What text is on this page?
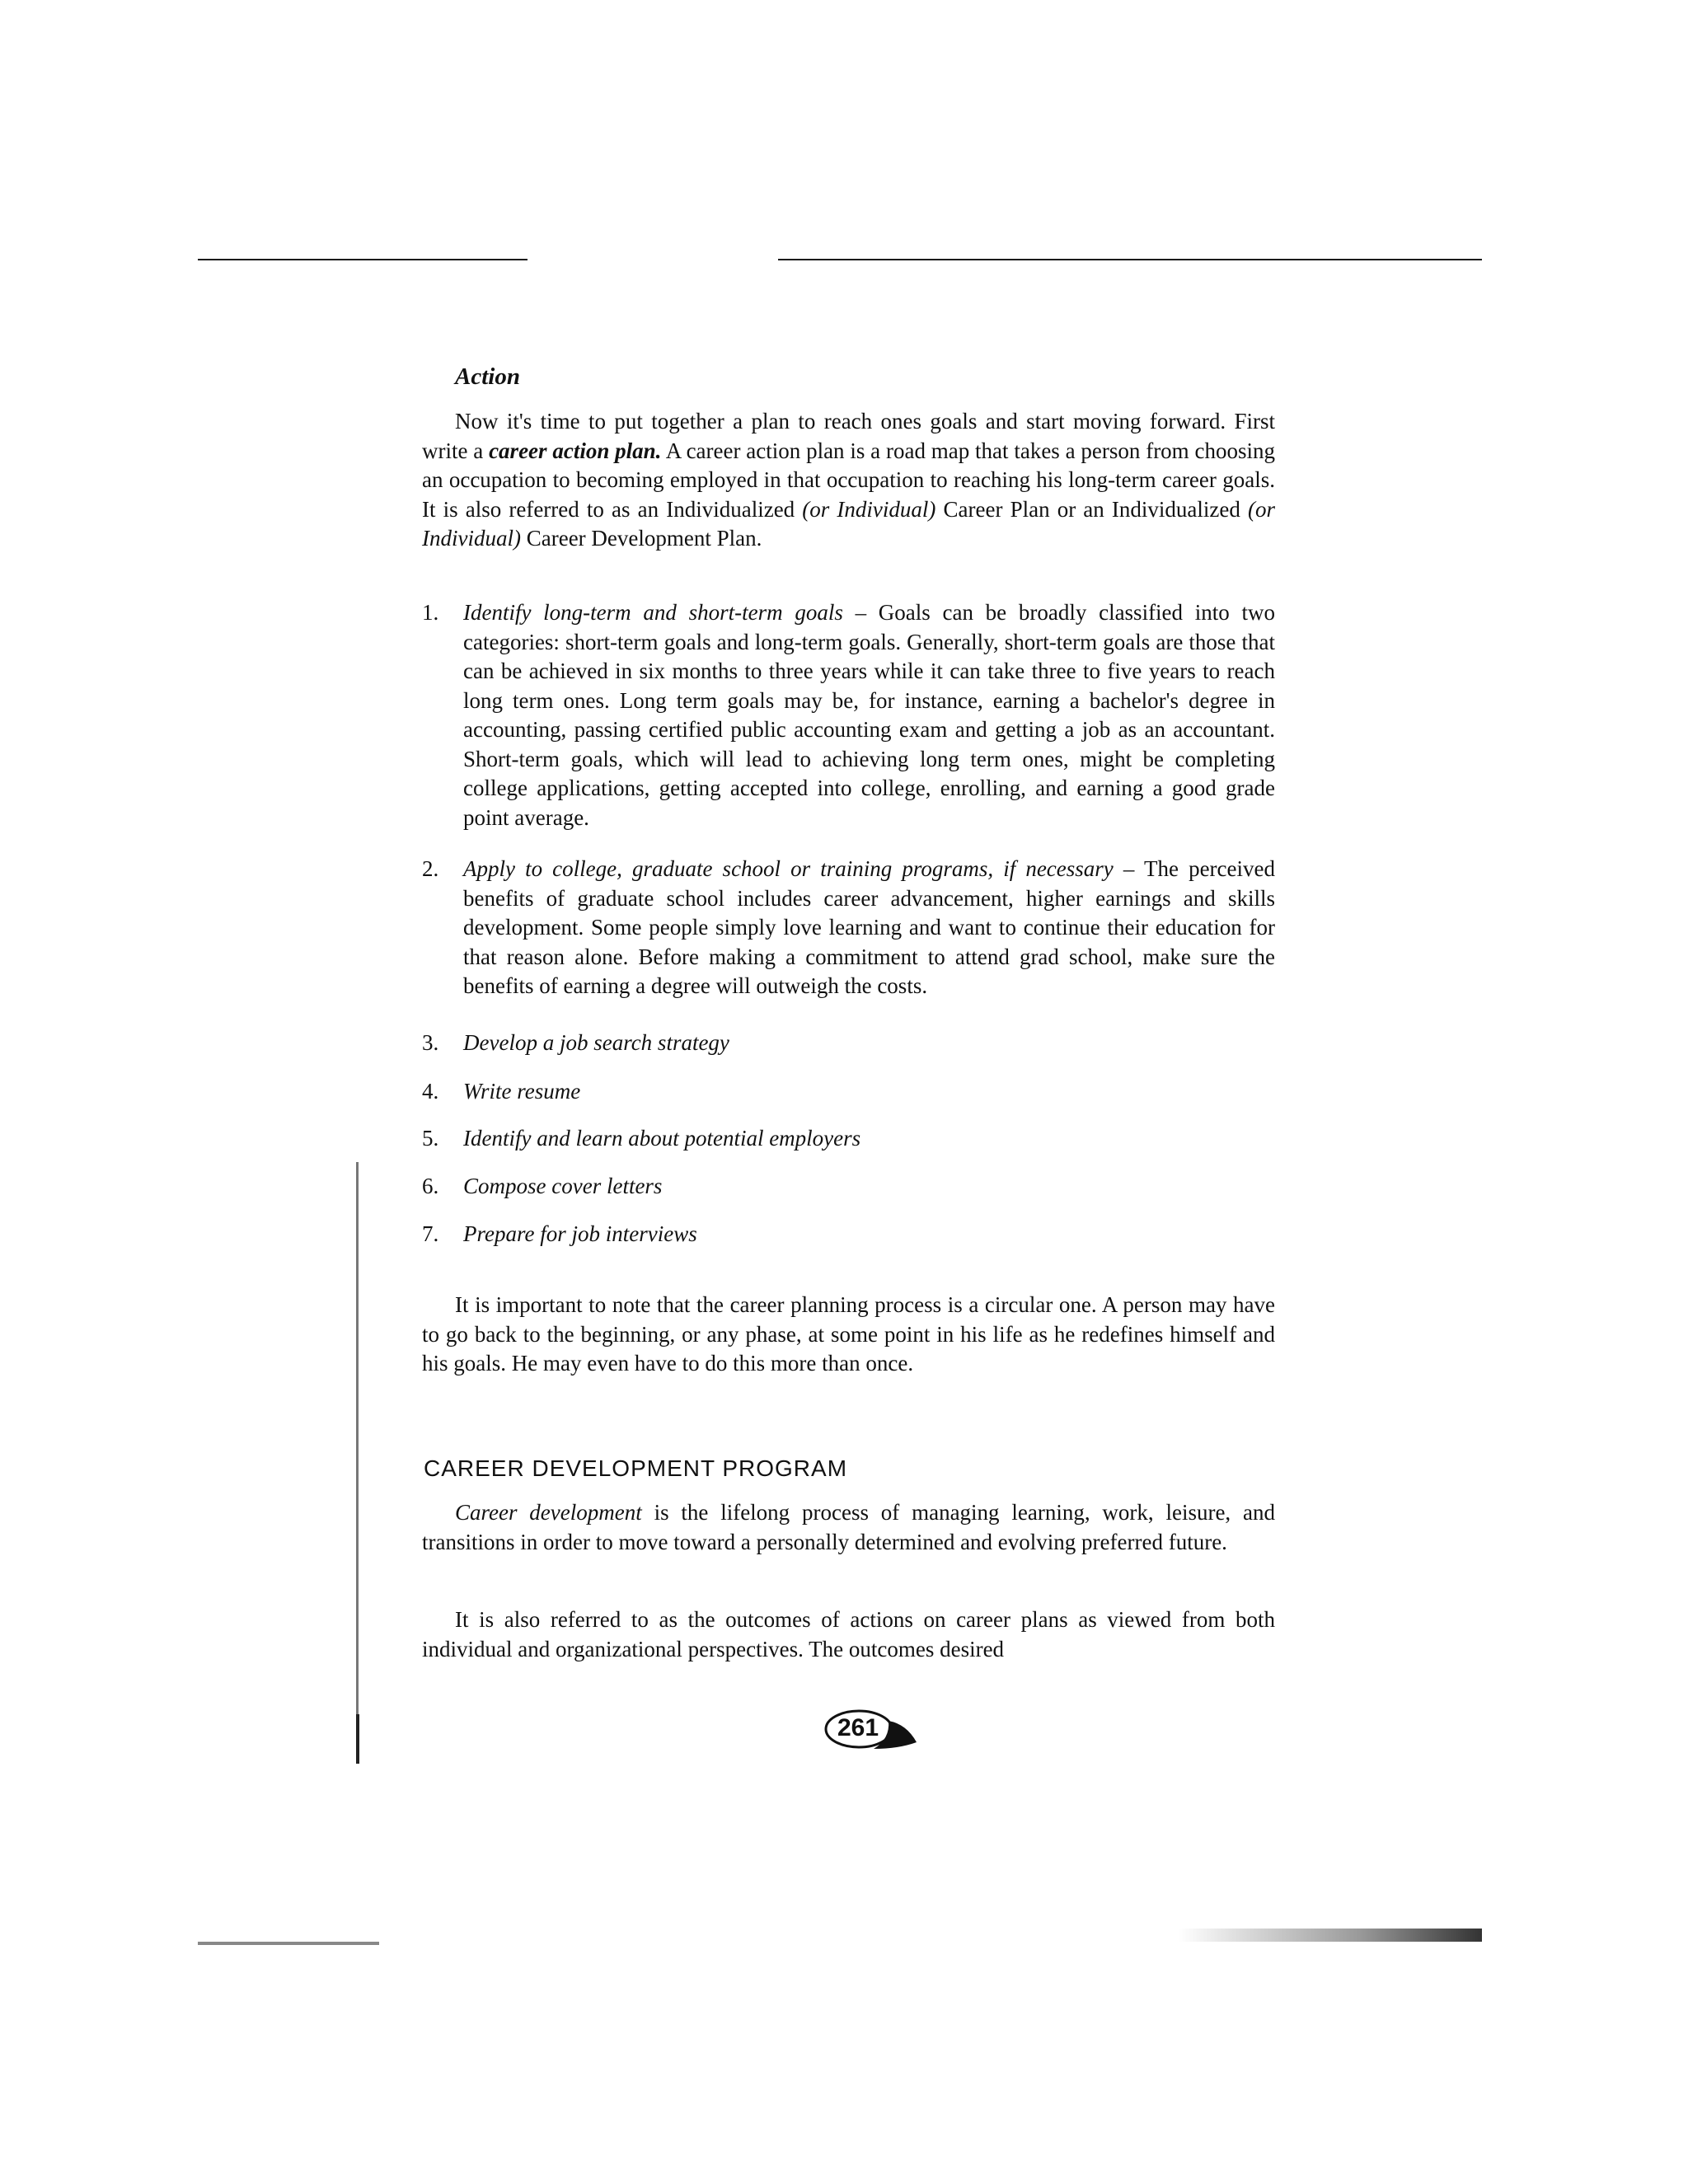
Action

Now it's time to put together a plan to reach ones goals and start moving forward. First write a career action plan. A career action plan is a road map that takes a person from choosing an occupation to becoming employed in that occupation to reaching his long-term career goals. It is also referred to as an Individualized (or Individual) Career Plan or an Individualized (or Individual) Career Development Plan.

1.	Identify long-term and short-term goals – Goals can be broadly classified into two categories: short-term goals and long-term goals. Generally, short-term goals are those that can be achieved in six months to three years while it can take three to five years to reach long term ones. Long term goals may be, for instance, earning a bachelor's degree in accounting, passing certified public accounting exam and getting a job as an accountant. Short-term goals, which will lead to achieving long term ones, might be completing college applications, getting accepted into college, enrolling, and earning a good grade point average.
2.	Apply to college, graduate school or training programs, if necessary – The perceived benefits of graduate school includes career advancement, higher earnings and skills development. Some people simply love learning and want to continue their education for that reason alone. Before making a commitment to attend grad school, make sure the benefits of earning a degree will outweigh the costs.
3.	Develop a job search strategy
4.	Write resume
5.	Identify and learn about potential employers
6.	Compose cover letters
7.	Prepare for job interviews

It is important to note that the career planning process is a circular one. A person may have to go back to the beginning, or any phase, at some point in his life as he redefines himself and his goals. He may even have to do this more than once.

CAREER DEVELOPMENT PROGRAM

Career development is the lifelong process of managing learning, work, leisure, and transitions in order to move toward a personally determined and evolving preferred future.

It is also referred to as the outcomes of actions on career plans as viewed from both individual and organizational perspectives. The outcomes desired

261
